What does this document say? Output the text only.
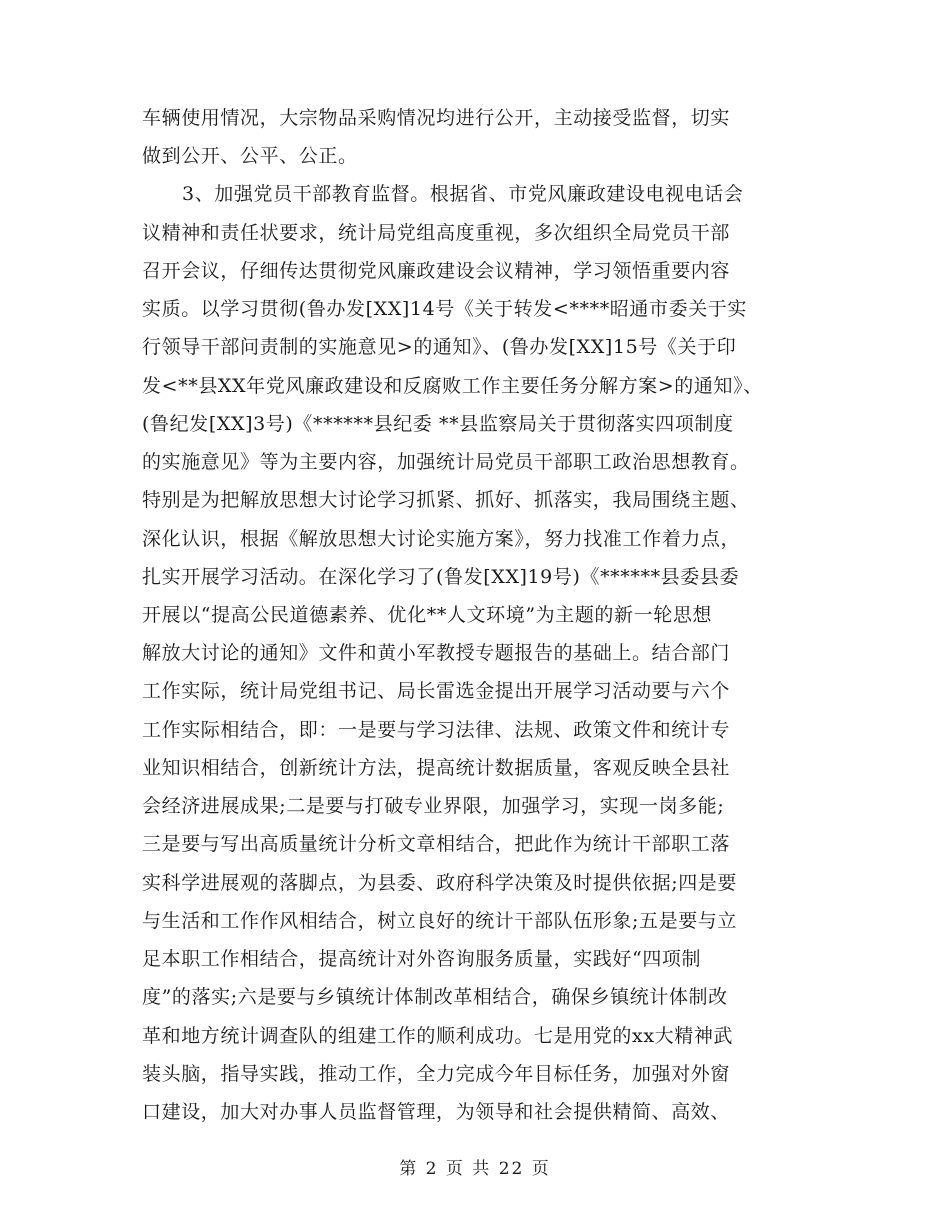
车辆使用情况，大宗物品采购情况均进行公开，主动接受监督，切实
做到公开、公平、公正。
3、加强党员干部教育监督。根据省、市党风廉政建设电视电话会
议精神和责任状要求，统计局党组高度重视，多次组织全局党员干部
召开会议，仔细传达贯彻党风廉政建设会议精神，学习领悟重要内容
实质。以学习贯彻(鲁办发[XX]14号《关于转发<****昭通市委关于实
行领导干部问责制的实施意见>的通知》、(鲁办发[XX]15号《关于印
发<**县XX年党风廉政建设和反腐败工作主要任务分解方案>的通知》、
(鲁纪发[XX]3号)《******县纪委 **县监察局关于贯彻落实四项制度
的实施意见》等为主要内容，加强统计局党员干部职工政治思想教育。
特别是为把解放思想大讨论学习抓紧、抓好、抓落实，我局围绕主题、
深化认识，根据《解放思想大讨论实施方案》，努力找准工作着力点，
扎实开展学习活动。在深化学习了(鲁发[XX]19号)《******县委县委
开展以“提高公民道德素养、优化**人文环境”为主题的新一轮思想
解放大讨论的通知》文件和黄小军教授专题报告的基础上。结合部门
工作实际，统计局党组书记、局长雷选金提出开展学习活动要与六个
工作实际相结合，即：一是要与学习法律、法规、政策文件和统计专
业知识相结合，创新统计方法，提高统计数据质量，客观反映全县社
会经济进展成果;二是要与打破专业界限，加强学习，实现一岗多能;
三是要与写出高质量统计分析文章相结合，把此作为统计干部职工落
实科学进展观的落脚点，为县委、政府科学决策及时提供依据;四是要
与生活和工作作风相结合，树立良好的统计干部队伍形象;五是要与立
足本职工作相结合，提高统计对外咨询服务质量，实践好“四项制
度”的落实;六是要与乡镇统计体制改革相结合，确保乡镇统计体制改
革和地方统计调查队的组建工作的顺利成功。七是用党的xx大精神武
装头脑，指导实践，推动工作，全力完成今年目标任务，加强对外窗
口建设，加大对办事人员监督管理，为领导和社会提供精简、高效、
第 2 页 共 22 页
